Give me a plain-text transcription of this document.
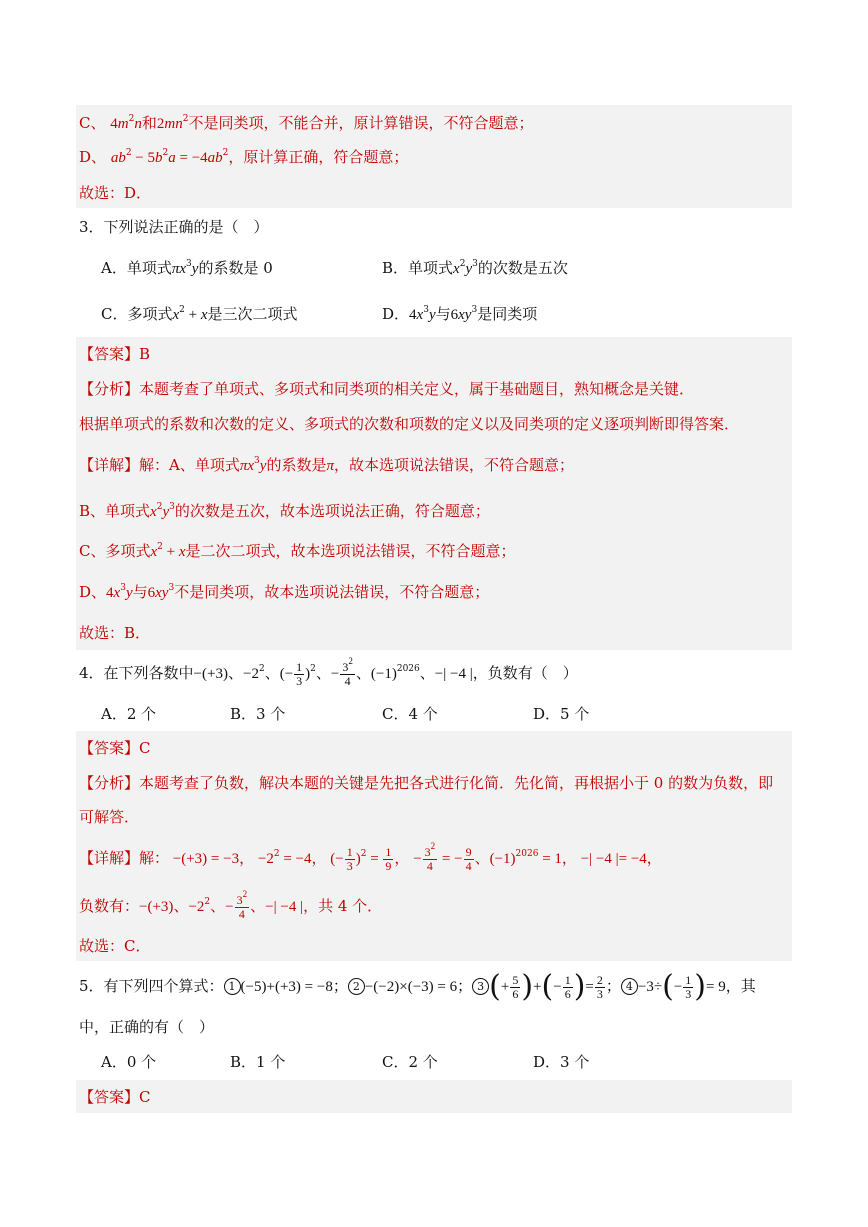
C、 $4m^2n$和$2mn^2$不是同类项，不能合并，原计算错误，不符合题意；
D、 $ab^2 - 5b^2a = -4ab^2$，原计算正确，符合题意；
故选：D．
3．下列说法正确的是（　）
A．单项式$\pi x^3y$的系数是 0	B．单项式$x^2y^3$的次数是五次
C．多项式$x^2 + x$是三次二项式	D．$4x^3y$与$6xy^3$是同类项
【答案】B
【分析】本题考查了单项式、多项式和同类项的相关定义，属于基础题目，熟知概念是关键．
根据单项式的系数和次数的定义、多项式的次数和项数的定义以及同类项的定义逐项判断即得答案．
【详解】解：A、单项式$\pi x^3y$的系数是π，故本选项说法错误，不符合题意；
B、单项式$x^2y^3$的次数是五次，故本选项说法正确，符合题意；
C、多项式$x^2 + x$是二次二项式，故本选项说法错误，不符合题意；
D、$4x^3y$与$6xy^3$不是同类项，故本选项说法错误，不符合题意；
故选：B．
4．在下列各数中−(+3)、$-2^2$、(− $\frac{1}{3} )^2$、− $\frac{3^2}{4}$ 、$(-1)^{2026}$、−| −4 |，负数有（　）
A．2 个	B．3 个	C．4 个	D．5 个
【答案】C
【分析】本题考查了负数，解决本题的关键是先把各式进行化简．先化简，再根据小于 0 的数为负数，即
可解答．
【详解】解： −(+3) = −3， $-2^2 = -4$， (− $\frac{1}{3} )^2 = \frac{1}{9}$ ， − $\frac{3^2}{4}$ = − $\frac{9}{4}$ 、$(-1)^{2026} = 1$， −| −4 |= −4，
负数有：−(+3)、$-2^2$、− $\frac{3^2}{4}$ 、−| −4 |，共 4 个．
故选：C．
5．有下列四个算式： 1 (−5)+(+3) = −8； 2 −(−2)×(−3) = 6； 3 (+ $\frac{5}{6}$ )+(− $\frac{1}{6}$ )= $\frac{2}{3}$ ； $4 -3\div(- \frac{1}{3}$ )= 9，其
中，正确的有（　）
A．0 个	B．1 个	C．2 个	D．3 个
【答案】C
